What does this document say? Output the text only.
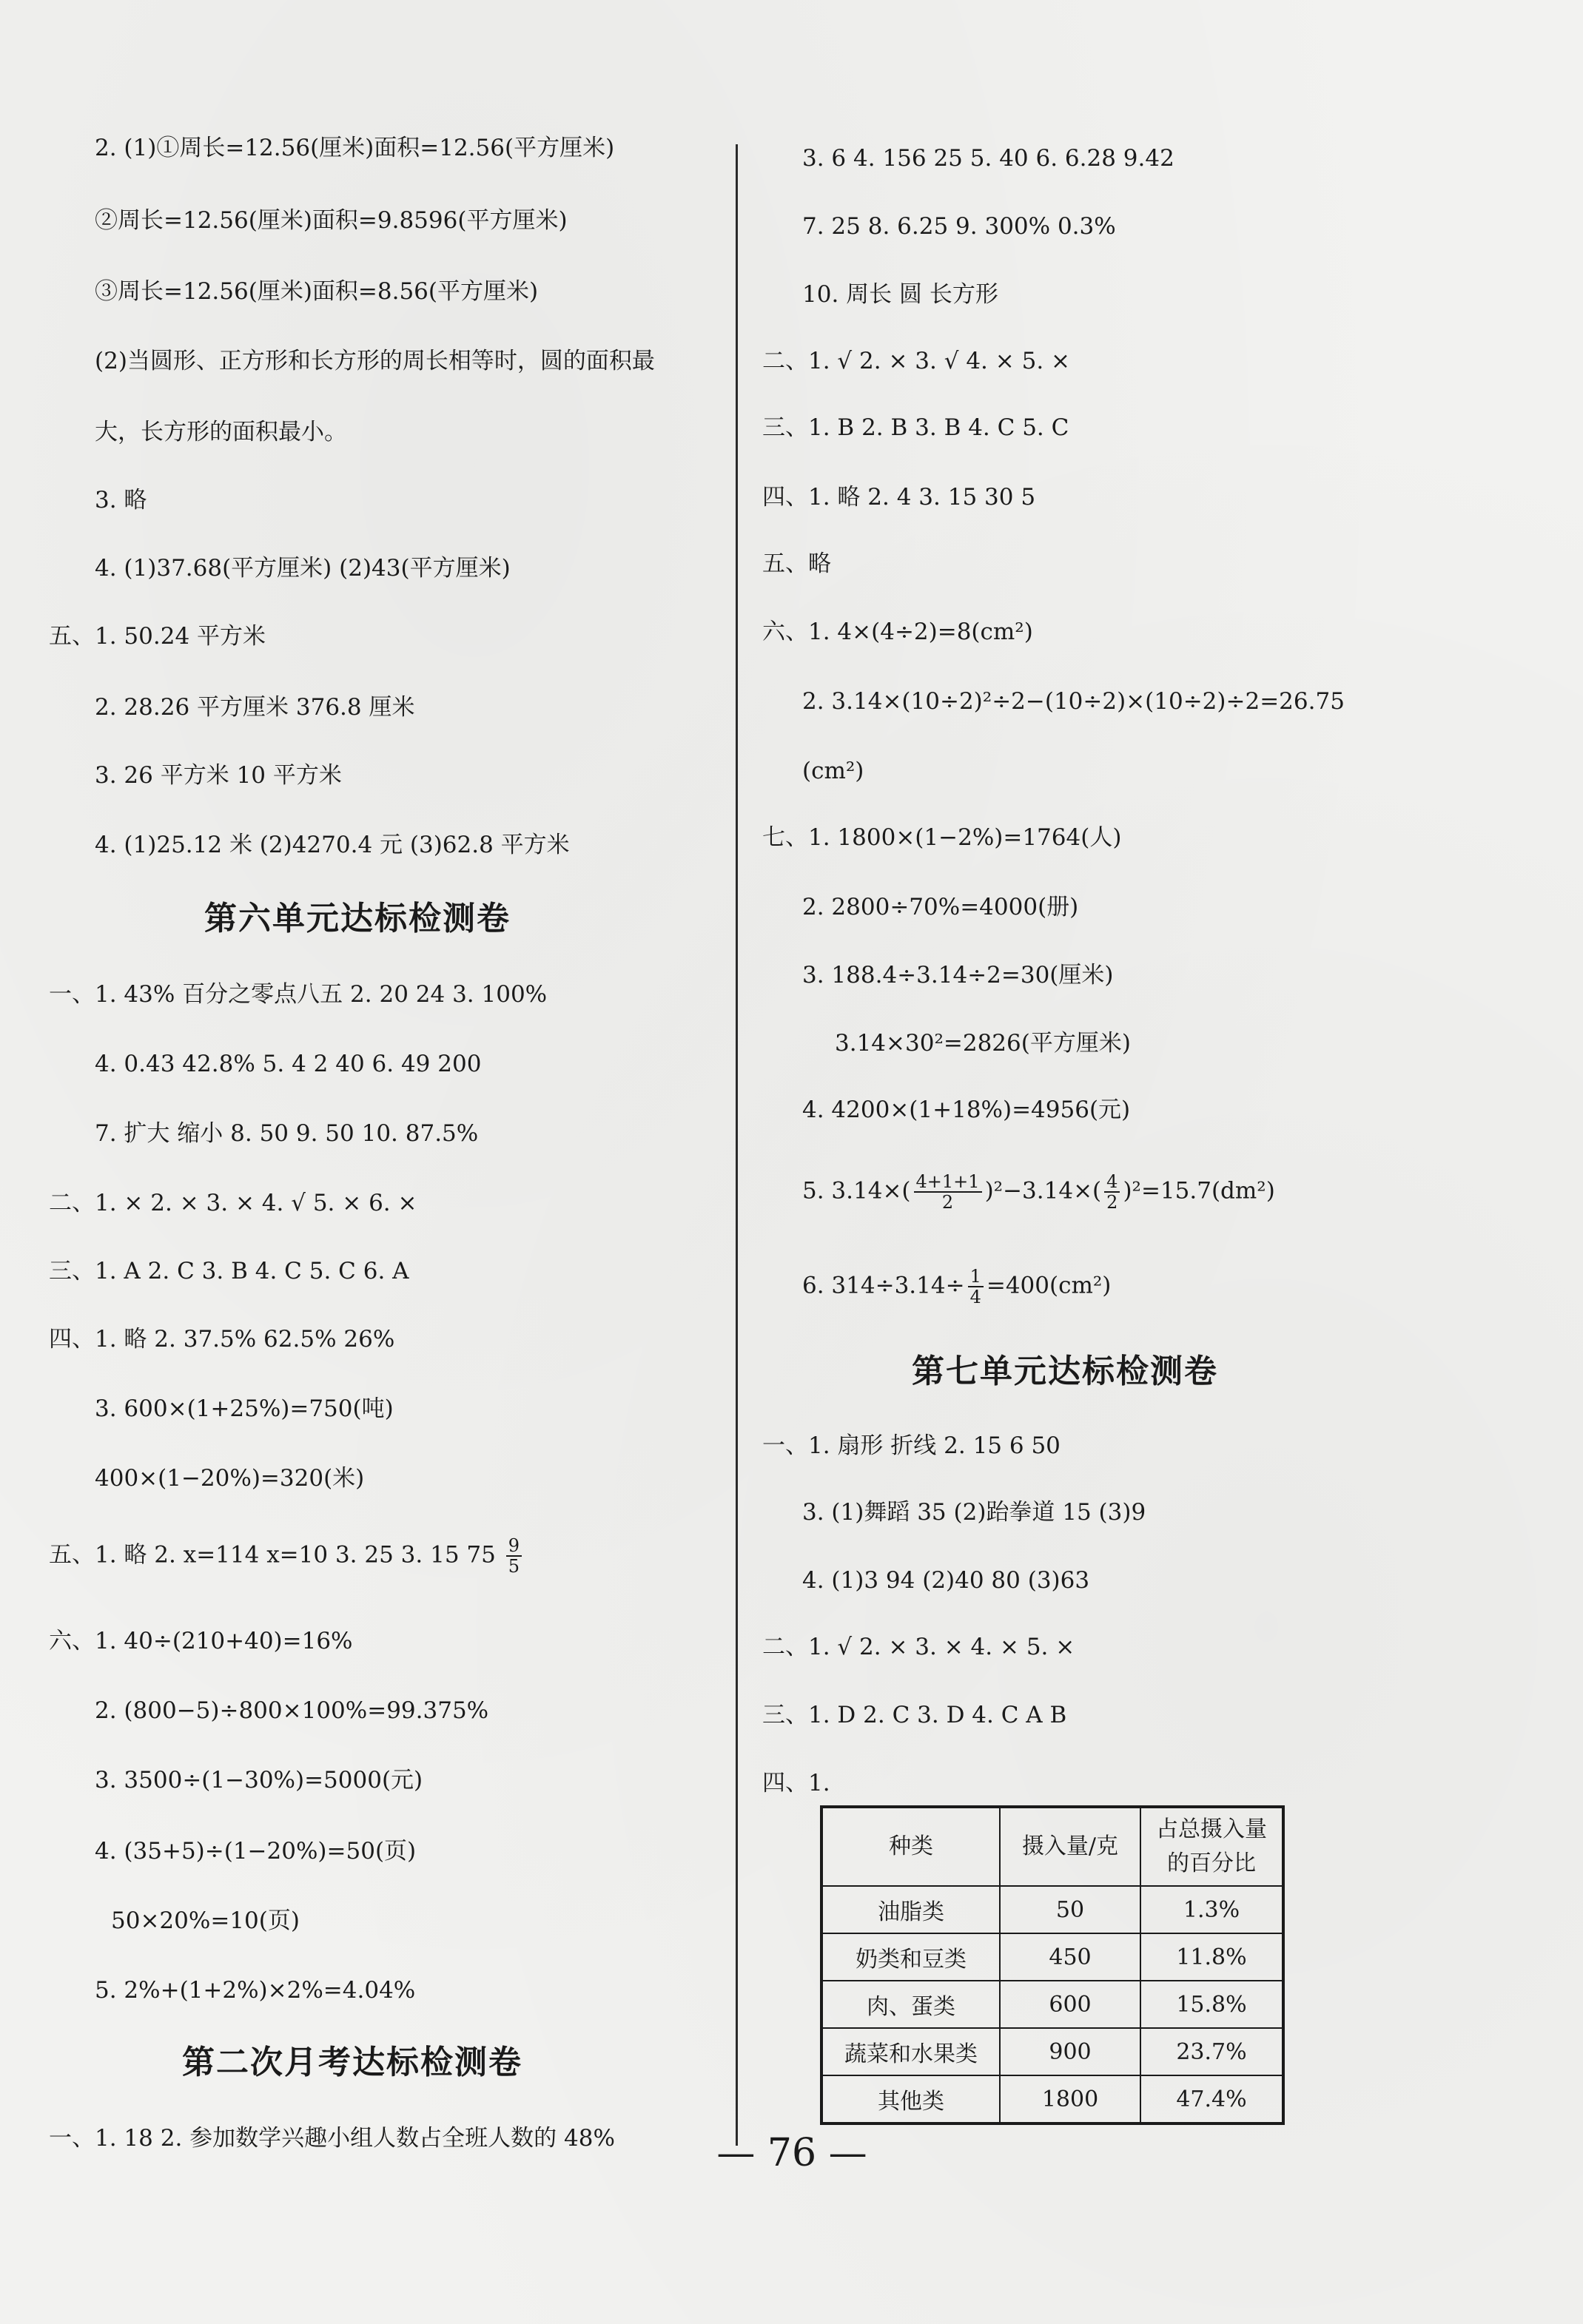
2. (1)①周长=12.56(厘米)面积=12.56(平方厘米)
②周长=12.56(厘米)面积=9.8596(平方厘米)
③周长=12.56(厘米)面积=8.56(平方厘米)
(2)当圆形、正方形和长方形的周长相等时，圆的面积最
大，长方形的面积最小。
3. 略
4. (1)37.68(平方厘米) (2)43(平方厘米)
五、1. 50.24 平方米
2. 28.26 平方厘米 376.8 厘米
3. 26 平方米 10 平方米
4. (1)25.12 米 (2)4270.4 元 (3)62.8 平方米
第六单元达标检测卷
一、1. 43% 百分之零点八五 2. 20 24 3. 100%
4. 0.43 42.8% 5. 4 2 40 6. 49 200
7. 扩大 缩小 8. 50 9. 50 10. 87.5%
二、1. × 2. × 3. × 4. √ 5. × 6. ×
三、1. A 2. C 3. B 4. C 5. C 6. A
四、1. 略 2. 37.5% 62.5% 26%
3. 600×(1+25%)=750(吨)
400×(1−20%)=320(米)
五、1. 略 2. x=114 x=10 3. 25 3. 15 $75 \frac{9}{5}$
六、1. 40÷(210+40)=16%
2. (800−5)÷800×100%=99.375%
3. 3500÷(1−30%)=5000(元)
4. (35+5)÷(1−20%)=50(页)
50×20%=10(页)
5. 2%+(1+2%)×2%=4.04%
第二次月考达标检测卷
一、1. 18 2. 参加数学兴趣小组人数占全班人数的 48%
3. 6 4. 156 25 5. 40 6. 6.28 9.42
7. 25 8. 6.25 9. 300% 0.3%
10. 周长 圆 长方形
二、1. √ 2. × 3. √ 4. × 5. ×
三、1. B 2. B 3. B 4. C 5. C
四、1. 略 2. 4 3. 15 30 5
五、略
六、1. 4×(4÷2)=8(cm²)
2. 3.14×(10÷2)²÷2−(10÷2)×(10÷2)÷2=26.75
(cm²)
七、1. 1800×(1−2%)=1764(人)
2. 2800÷70%=4000(册)
3. 188.4÷3.14÷2=30(厘米)
3.14×30²=2826(平方厘米)
4. 4200×(1+18%)=4956(元)
5. $3.14\times( \frac{4+1+1}{2} )^2-3.14\times( \frac{4}{2} )^2=15.7(dm^2)$
6. $314\div 3.14\div \frac{1}{4} =400(cm^2)$
第七单元达标检测卷
一、1. 扇形 折线 2. 15 6 50
3. (1)舞蹈 35 (2)跆拳道 15 (3)9
4. (1)3 94 (2)40 80 (3)63
二、1. √ 2. × 3. × 4. × 5. ×
三、1. D 2. C 3. D 4. C A B
四、1.
种类	摄入量/克	占总摄入量的百分比

油脂类	50	1.3%
奶类和豆类	450	11.8%
肉、蛋类	600	15.8%
蔬菜和水果类	900	23.7%
其他类	1800	47.4%
— 76 —
